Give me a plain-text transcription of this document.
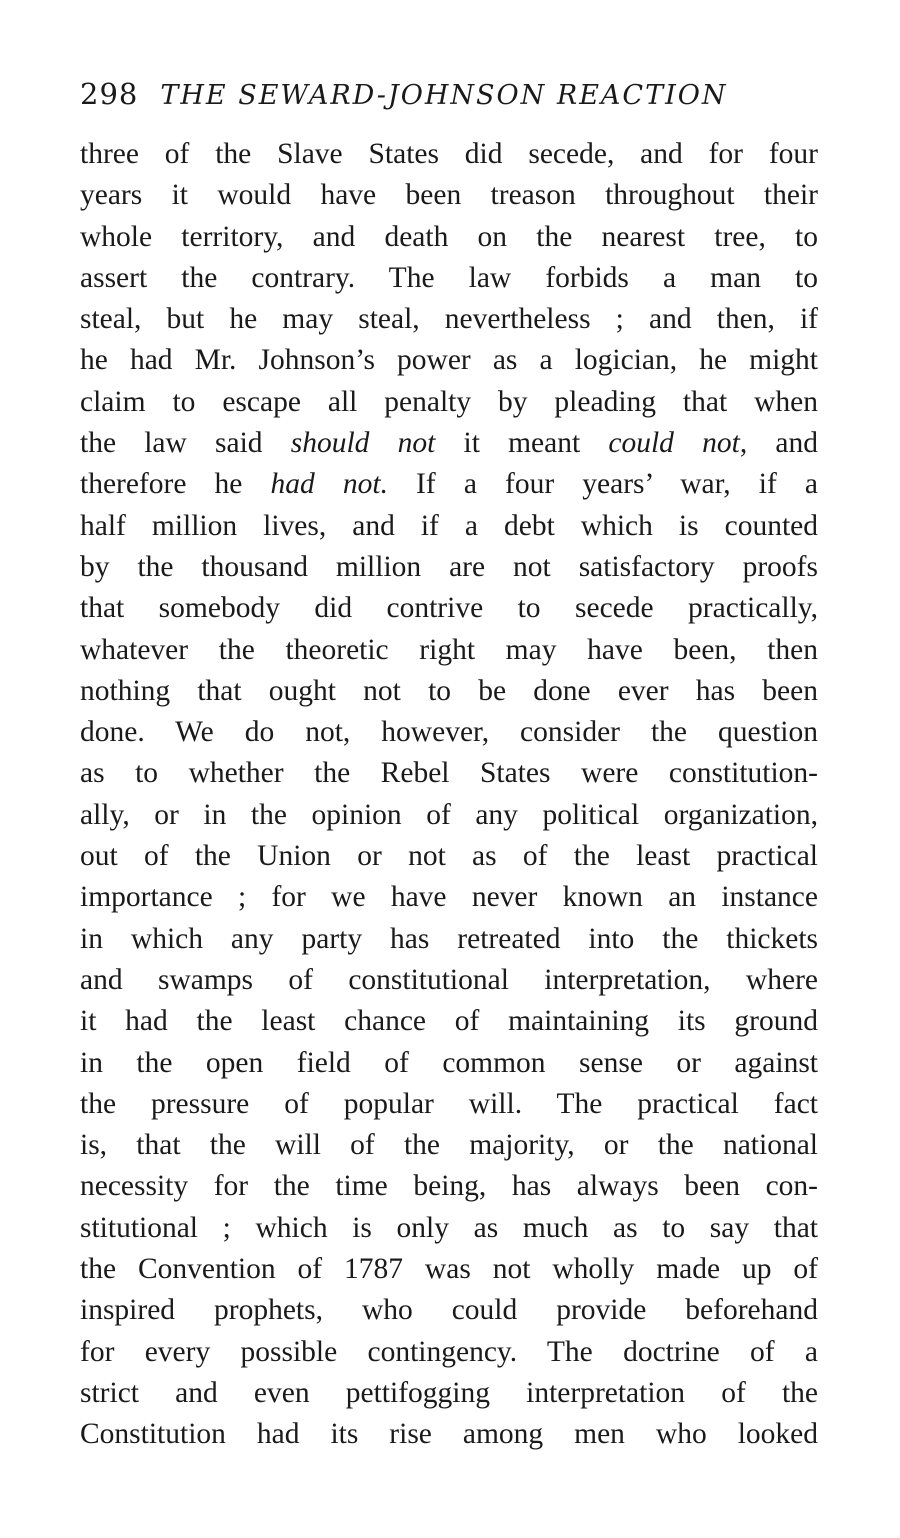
298 THE SEWARD-JOHNSON REACTION
three of the Slave States did secede, and for four
years it would have been treason throughout their
whole territory, and death on the nearest tree, to
assert the contrary. The law forbids a man to
steal, but he may steal, nevertheless ; and then, if
he had Mr. Johnson’s power as a logician, he might
claim to escape all penalty by pleading that when
the law said should not it meant could not, and
therefore he had not. If a four years’ war, if a
half million lives, and if a debt which is counted
by the thousand million are not satisfactory proofs
that somebody did contrive to secede practically,
whatever the theoretic right may have been, then
nothing that ought not to be done ever has been
done. We do not, however, consider the question
as to whether the Rebel States were constitution-
ally, or in the opinion of any political organization,
out of the Union or not as of the least practical
importance ; for we have never known an instance
in which any party has retreated into the thickets
and swamps of constitutional interpretation, where
it had the least chance of maintaining its ground
in the open field of common sense or against
the pressure of popular will. The practical fact
is, that the will of the majority, or the national
necessity for the time being, has always been con-
stitutional ; which is only as much as to say that
the Convention of 1787 was not wholly made up of
inspired prophets, who could provide beforehand
for every possible contingency. The doctrine of a
strict and even pettifogging interpretation of the
Constitution had its rise among men who looked
